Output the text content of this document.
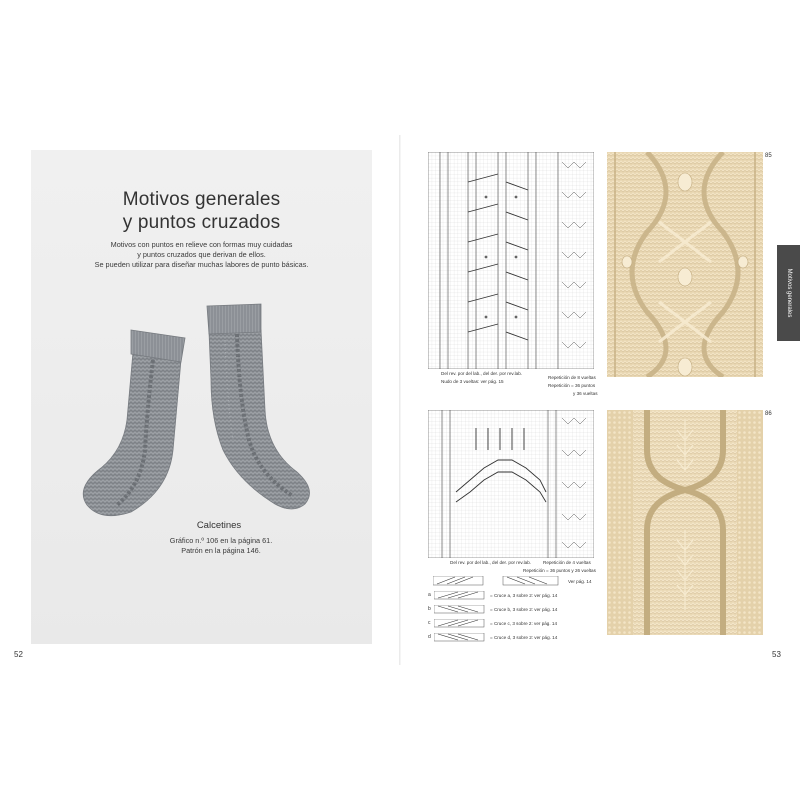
Motivos generales
y puntos cruzados
Motivos con puntos en relieve con formas muy cuidadas
y puntos cruzados que derivan de ellos.
Se pueden utilizar para diseñar muchas labores de punto básicas.
Calcetines
Gráfico n.º 106 en la página 61.
Patrón en la página 146.
52
Del rev. por del lab., del der. por rev.lab.
Nudo de 3 vueltas: ver pág. 15
Repetición de 8 vueltas
Repetición = 36 puntos
y 36 vueltas
Del rev. por del lab., del der. por rev.lab.	Repetición de 4 vueltas
Repetición = 36 puntos y 26 vueltas
Ver pág. 14
a	= Cruce a, 3 sobre 2: ver pág. 14
b	= Cruce b, 3 sobre 2: ver pág. 14
c	= Cruce c, 3 sobre 2: ver pág. 14
d	= Cruce d, 3 sobre 2: ver pág. 14
85
86
Motivos generales
53
